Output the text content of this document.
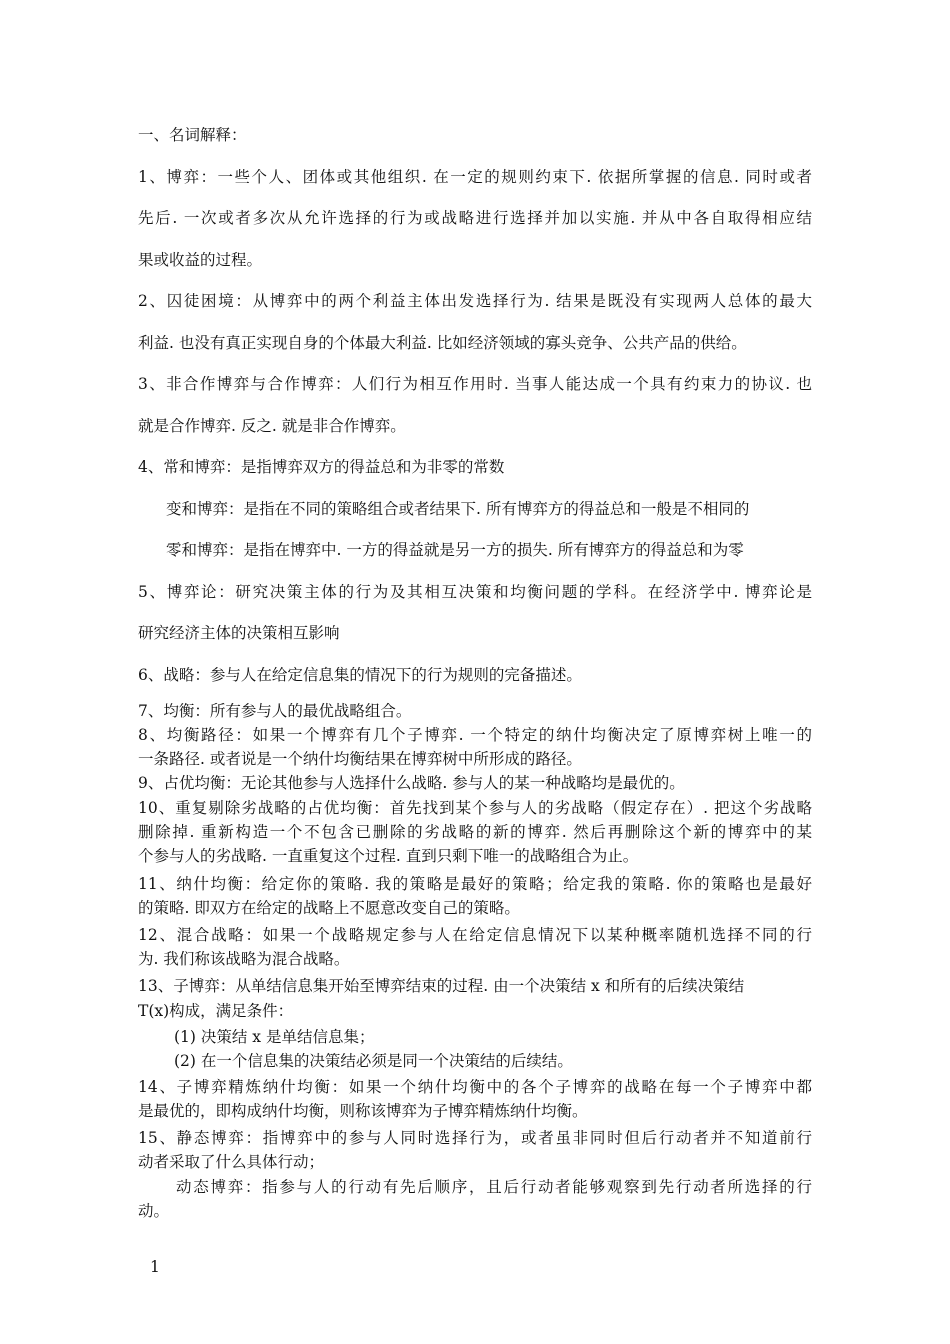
一、名词解释：
1、博弈：一些个人、团体或其他组织. 在一定的规则约束下. 依据所掌握的信息. 同时或者
先后. 一次或者多次从允许选择的行为或战略进行选择并加以实施. 并从中各自取得相应结
果或收益的过程。
2、囚徒困境：从博弈中的两个利益主体出发选择行为. 结果是既没有实现两人总体的最大
利益. 也没有真正实现自身的个体最大利益. 比如经济领域的寡头竞争、公共产品的供给。
3、非合作博弈与合作博弈：人们行为相互作用时. 当事人能达成一个具有约束力的协议. 也
就是合作博弈. 反之. 就是非合作博弈。
4、常和博弈：是指博弈双方的得益总和为非零的常数
变和博弈：是指在不同的策略组合或者结果下. 所有博弈方的得益总和一般是不相同的
零和博弈：是指在博弈中. 一方的得益就是另一方的损失. 所有博弈方的得益总和为零
5、博弈论：研究决策主体的行为及其相互决策和均衡问题的学科。在经济学中. 博弈论是
研究经济主体的决策相互影响
6、战略：参与人在给定信息集的情况下的行为规则的完备描述。
7、均衡：所有参与人的最优战略组合。
8、均衡路径：如果一个博弈有几个子博弈. 一个特定的纳什均衡决定了原博弈树上唯一的
一条路径. 或者说是一个纳什均衡结果在博弈树中所形成的路径。
9、占优均衡：无论其他参与人选择什么战略. 参与人的某一种战略均是最优的。
10、重复剔除劣战略的占优均衡：首先找到某个参与人的劣战略（假定存在）. 把这个劣战略
删除掉. 重新构造一个不包含已删除的劣战略的新的博弈. 然后再删除这个新的博弈中的某
个参与人的劣战略. 一直重复这个过程. 直到只剩下唯一的战略组合为止。
11、纳什均衡：给定你的策略. 我的策略是最好的策略；给定我的策略. 你的策略也是最好
的策略. 即双方在给定的战略上不愿意改变自己的策略。
12、混合战略：如果一个战略规定参与人在给定信息情况下以某种概率随机选择不同的行
为. 我们称该战略为混合战略。
13、子博弈：从单结信息集开始至博弈结束的过程. 由一个决策结 x 和所有的后续决策结
T(x)构成，满足条件：
(1) 决策结 x 是单结信息集；
(2) 在一个信息集的决策结必须是同一个决策结的后续结。
14、子博弈精炼纳什均衡：如果一个纳什均衡中的各个子博弈的战略在每一个子博弈中都
是最优的，即构成纳什均衡，则称该博弈为子博弈精炼纳什均衡。
15、静态博弈：指博弈中的参与人同时选择行为，或者虽非同时但后行动者并不知道前行
动者采取了什么具体行动；
动态博弈：指参与人的行动有先后顺序，且后行动者能够观察到先行动者所选择的行
动。
1
